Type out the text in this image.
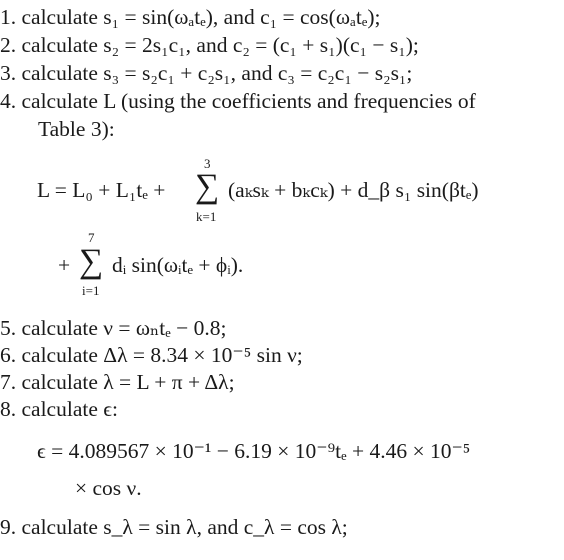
1. calculate s₁ = sin(ωₐtₑ), and c₁ = cos(ωₐtₑ);
2. calculate s₂ = 2s₁c₁, and c₂ = (c₁ + s₁)(c₁ − s₁);
3. calculate s₃ = s₂c₁ + c₂s₁, and c₃ = c₂c₁ − s₂s₁;
4. calculate L (using the coefficients and frequencies of
Table 3):
3
L = L₀ + L₁tₑ + ∑ (aₖsₖ + bₖcₖ) + d_β s₁ sin(βtₑ)
k=1
7
+ ∑ dᵢ sin(ωᵢtₑ + ϕᵢ).
i=1
5. calculate ν = ωₙtₑ − 0.8;
6. calculate Δλ = 8.34 × 10⁻⁵ sin ν;
7. calculate λ = L + π + Δλ;
8. calculate ϵ:
ϵ = 4.089567 × 10⁻¹ − 6.19 × 10⁻⁹tₑ + 4.46 × 10⁻⁵
× cos ν.
9. calculate s_λ = sin λ, and c_λ = cos λ;
